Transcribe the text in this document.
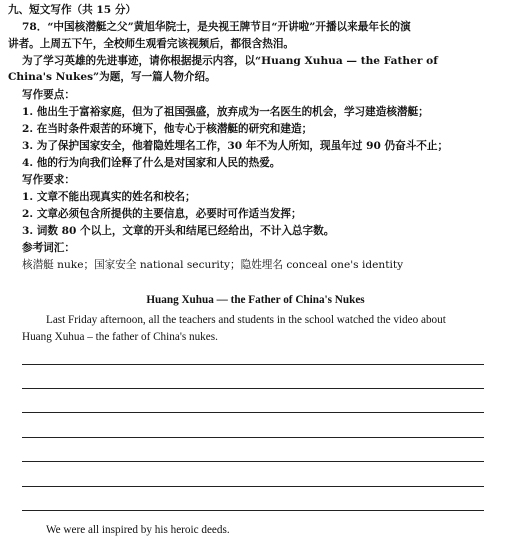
九、短文写作（共 15 分）
78．“中国核潜艇之父”黄旭华院士，是央视王牌节目“开讲啦”开播以来最年长的演
讲者。上周五下午，全校师生观看完该视频后，都很含热泪。
为了学习英雄的先进事迹，请你根据提示内容，以“Huang Xuhua — the Father of
China's Nukes”为题，写一篇人物介绍。
写作要点：
1. 他出生于富裕家庭，但为了祖国强盛，放弃成为一名医生的机会，学习建造核潜艇；
2. 在当时条件艰苦的环境下，他专心于核潜艇的研究和建造；
3. 为了保护国家安全，他着隐姓埋名工作，30 年不为人所知，现虽年过 90 仍奋斗不止；
4. 他的行为向我们诠释了什么是对国家和人民的热爱。
写作要求：
1. 文章不能出现真实的姓名和校名；
2. 文章必须包含所提供的主要信息，必要时可作适当发挥；
3. 词数 80 个以上，文章的开头和结尾已经给出，不计入总字数。
参考词汇：
核潜艇 nuke；国家安全 national security；隐姓埋名 conceal one's identity
Huang Xuhua — the Father of China's Nukes
Last Friday afternoon, all the teachers and students in the school watched the video about
Huang Xuhua – the father of China's nukes.
We were all inspired by his heroic deeds.
